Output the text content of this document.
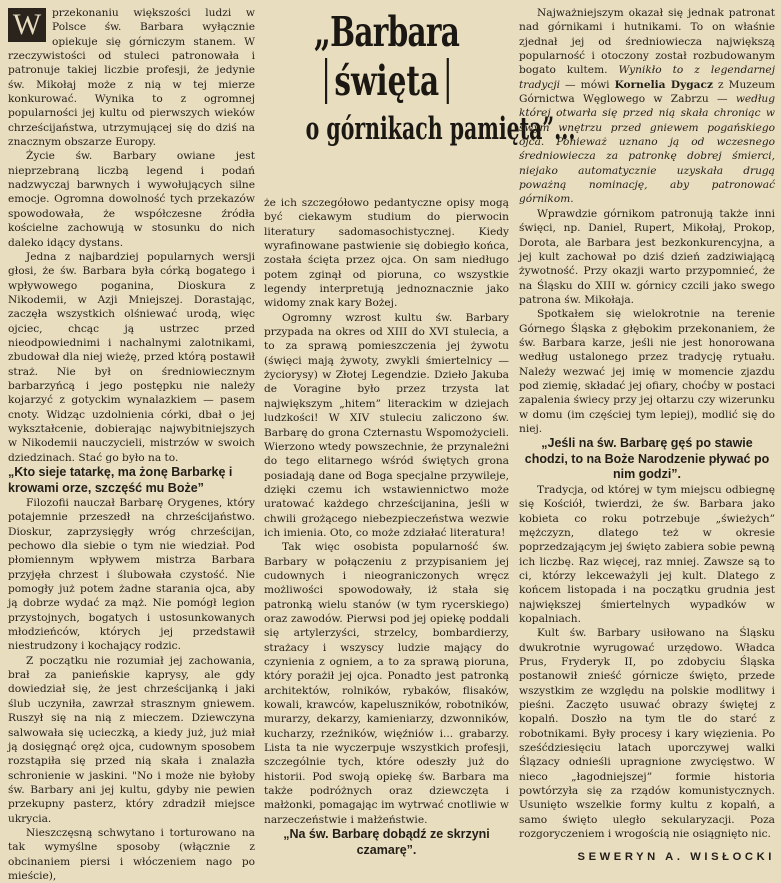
W	przekonaniu większości ludzi w Polsce św. Barbara wyłącznie opiekuje się górniczym stanem. W rzeczywistości od stuleci patronowała i patronuje takiej liczbie profesji, że jedynie św. Mikołaj może z nią w tej mierze konkurować. Wynika to z ogromnej popularności jej kultu od pierwszych wieków chrześcijaństwa, utrzymującej się do dziś na znacznym obszarze Europy.

Życie św. Barbary owiane jest nieprzebraną liczbą legend i podań nadzwyczaj barwnych i wywołujących silne emocje. Ogromna dowolność tych przekazów spowodowała, że współczesne źródła kościelne zachowują w stosunku do nich daleko idący dystans.

Jedna z najbardziej popularnych wersji głosi, że św. Barbara była córką bogatego i wpływowego poganina, Dioskura z Nikodemii, w Azji Mniejszej. Dorastając, zaczęła wszystkich olśniewać urodą, więc ojciec, chcąc ją ustrzec przed nieodpowiednimi i nachalnymi zalotnikami, zbudował dla niej wieżę, przed którą postawił straż. Nie był on średniowiecznym barbarzyńcą i jego postępku nie należy kojarzyć z gotyckim wynalazkiem — pasem cnoty. Widząc uzdolnienia córki, dbał o jej wykształcenie, dobierając najwybitniejszych w Nikodemii nauczycieli, mistrzów w swoich dziedzinach. Stać go było na to.

„Kto sieje tatarkę, ma żonę Barbarkę i krowami orze, szczęść mu Boże”

Filozofii nauczał Barbarę Orygenes, który potajemnie przeszedł na chrześcijaństwo. Dioskur, zaprzysięgły wróg chrześcijan, pechowo dla siebie o tym nie wiedział. Pod płomiennym wpływem mistrza Barbara przyjęła chrzest i ślubowała czystość. Nie pomogły już potem żadne starania ojca, aby ją dobrze wydać za mąż. Nie pomógł legion przystojnych, bogatych i ustosunkowanych młodzieńców, których jej przedstawił niestrudzony i kochający rodzic.

Z początku nie rozumiał jej zachowania, brał za panieńskie kaprysy, ale gdy dowiedział się, że jest chrześcijanką i jaki ślub uczyniła, zawrzał strasznym gniewem. Ruszył się na nią z mieczem. Dziewczyna salwowała się ucieczką, a kiedy już, już miał ją dosięgnąć oręż ojca, cudownym sposobem rozstąpiła się przed nią skała i znalazła schronienie w jaskini. "No i może nie byłoby św. Barbary ani jej kultu, gdyby nie pewien przekupny pasterz, który zdradził miejsce ukrycia.

Nieszczęsną schwytano i torturowano na tak wymyślne sposoby (włącznie z obcinaniem piersi i włóczeniem nago po mieście),

„Barbara
święta
o górnikach pamięta”...

że ich szczegółowo pedantyczne opisy mogą być ciekawym studium do pierwocin literatury sadomasochistycznej. Kiedy wyrafinowane pastwienie się dobiegło końca, została ścięta przez ojca. On sam niedługo potem zginął od pioruna, co wszystkie legendy interpretują jednoznacznie jako widomy znak kary Bożej.

Ogromny wzrost kultu św. Barbary przypada na okres od XIII do XVI stulecia, a to za sprawą pomieszczenia jej żywotu (święci mają żywoty, zwykli śmiertelnicy — życiorysy) w Złotej Legendzie. Dzieło Jakuba de Voragine było przez trzysta lat największym „hitem” literackim w dziejach ludzkości! W XIV stuleciu zaliczono św. Barbarę do grona Czternastu Wspomożycieli. Wierzono wtedy powszechnie, że przynależni do tego elitarnego wśród świętych grona posiadają dane od Boga specjalne przywileje, dzięki czemu ich wstawiennictwo może uratować każdego chrześcijanina, jeśli w chwili grożącego niebezpieczeństwa wezwie ich imienia. Oto, co może zdziałać literatura!

Tak więc osobista popularność św. Barbary w połączeniu z przypisaniem jej cudownych i nieograniczonych wręcz możliwości spowodowały, iż stała się patronką wielu stanów (w tym rycerskiego) oraz zawodów. Pierwsi pod jej opiekę poddali się artylerzyści, strzelcy, bombardierzy, strażacy i wszyscy ludzie mający do czynienia z ogniem, a to za sprawą pioruna, który porażił jej ojca. Ponadto jest patronką architektów, rolników, rybaków, flisaków, kowali, krawców, kapeluszników, robotników, murarzy, dekarzy, kamieniarzy, dzwonników, kucharzy, rzeźników, więźniów i... grabarzy. Lista ta nie wyczerpuje wszystkich profesji, szczególnie tych, które odeszły już do historii. Pod swoją opiekę św. Barbara ma także podróżnych oraz dziewczęta i małżonki, pomagając im wytrwać cnotliwie w narzeczeństwie i małżeństwie.

„Na św. Barbarę dobądź ze skrzyni czamarę”.

Najważniejszym okazał się jednak patronat nad górnikami i hutnikami. To on właśnie zjednał jej od średniowiecza największą popularność i otoczony został rozbudowanym bogato kultem. Wynikło to z legendarnej tradycji — mówi Kornelia Dygacz z Muzeum Górnictwa Węglowego w Zabrzu — według której otwarła się przed nią skała chroniąc w swym wnętrzu przed gniewem pogańskiego ojca. Ponieważ uznano ją od wczesnego średniowiecza za patronkę dobrej śmierci, niejako automatycznie uzyskała drugą poważną nominację, aby patronować górnikom.

Wprawdzie górnikom patronują także inni święci, np. Daniel, Rupert, Mikołaj, Prokop, Dorota, ale Barbara jest bezkonkurencyjna, a jej kult zachował po dziś dzień zadziwiającą żywotność. Przy okazji warto przypomnieć, że na Śląsku do XIII w. górnicy czcili jako swego patrona św. Mikołaja.

Spotkałem się wielokrotnie na terenie Górnego Śląska z głębokim przekonaniem, że św. Barbara karze, jeśli nie jest honorowana według ustalonego przez tradycję rytuału. Należy wezwać jej imię w momencie zjazdu pod ziemię, składać jej ofiary, choćby w postaci zapalenia świecy przy jej ołtarzu czy wizerunku w domu (im częściej tym lepiej), modlić się do niej.

„Jeśli na św. Barbarę gęś po stawie chodzi, to na Boże Narodzenie pływać po nim godzi”.

Tradycja, od której w tym miejscu odbiegnę się Kościół, twierdzi, że św. Barbara jako kobieta co roku potrzebuje „świeżych” mężczyzn, dlatego też w okresie poprzedzającym jej święto zabiera sobie pewną ich liczbę. Raz więcej, raz mniej. Zawsze są to ci, którzy lekceważyli jej kult. Dlatego z końcem listopada i na początku grudnia jest największej śmiertelnych wypadków w kopalniach.

Kult św. Barbary usiłowano na Śląsku dwukrotnie wyrugować urzędowo. Władca Prus, Fryderyk II, po zdobyciu Śląska postanowił znieść górnicze święto, przede wszystkim ze względu na polskie modlitwy i pieśni. Zaczęto usuwać obrazy świętej z kopalń. Doszło na tym tle do starć z robotnikami. Były procesy i kary więzienia. Po sześćdziesięciu latach uporczywej walki Ślązacy odnieśli upragnione zwycięstwo. W nieco „łagodniejszej” formie historia powtórzyła się za rządów komunistycznych. Usunięto wszelkie formy kultu z kopalń, a samo święto uległo sekularyzacji. Poza rozgoryczeniem i wrogością nie osiągnięto nic.

SEWERYN A. WISŁOCKI
